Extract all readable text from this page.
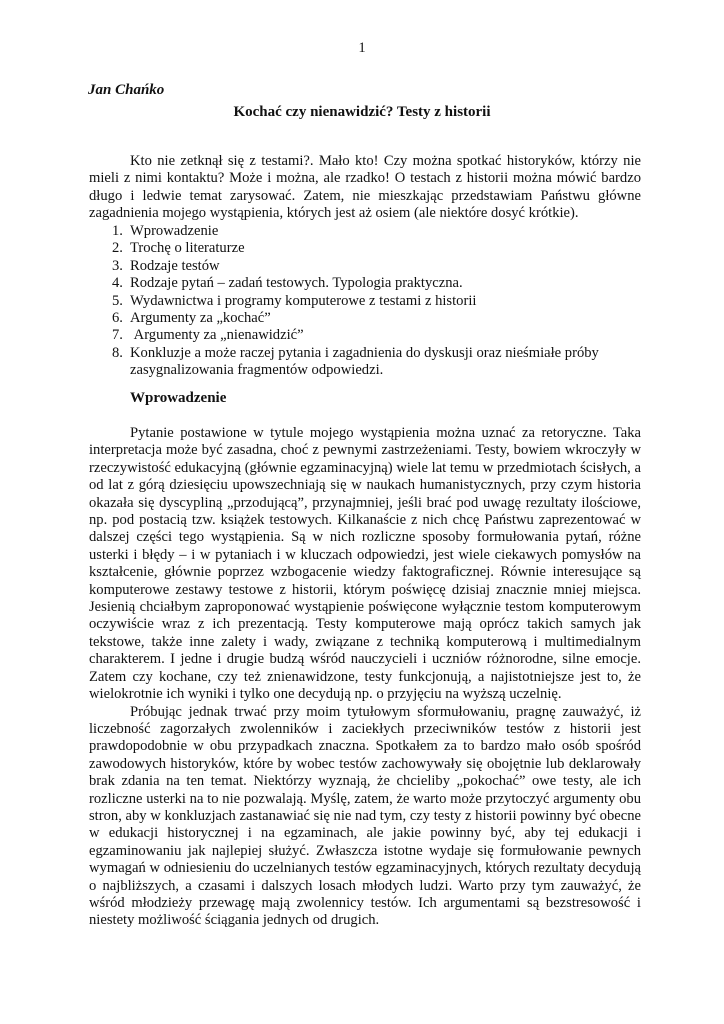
1
Jan Chańko
Kochać czy nienawidzić? Testy z historii

Kto nie zetknął się z testami?. Mało kto! Czy można spotkać historyków, którzy nie mieli z nimi kontaktu? Może i można, ale rzadko! O testach z historii można mówić bardzo długo i ledwie temat zarysować. Zatem, nie mieszkając przedstawiam Państwu główne zagadnienia mojego wystąpienia, których jest aż osiem (ale niektóre dosyć krótkie).

1. Wprowadzenie
2. Trochę o literaturze
3. Rodzaje testów
4. Rodzaje pytań – zadań testowych. Typologia praktyczna.
5. Wydawnictwa i programy komputerowe z testami z historii
6. Argumenty za „kochać”
7. Argumenty za „nienawidzić”
8. Konkluzje a może raczej pytania i zagadnienia do dyskusji oraz nieśmiałe próby zasygnalizowania fragmentów odpowiedzi.
Wprowadzenie

Pytanie postawione w tytule mojego wystąpienia można uznać za retoryczne. Taka interpretacja może być zasadna, choć z pewnymi zastrzeżeniami. Testy, bowiem wkroczyły w rzeczywistość edukacyjną (głównie egzaminacyjną) wiele lat temu w przedmiotach ścisłych, a od lat z górą dziesięciu upowszechniają się w naukach humanistycznych, przy czym historia okazała się dyscypliną „przodującą”, przynajmniej, jeśli brać pod uwagę rezultaty ilościowe, np. pod postacią tzw. książek testowych. Kilkanaście z nich chcę Państwu zaprezentować w dalszej części tego wystąpienia. Są w nich rozliczne sposoby formułowania pytań, różne usterki i błędy – i w pytaniach i w kluczach odpowiedzi, jest wiele ciekawych pomysłów na kształcenie, głównie poprzez wzbogacenie wiedzy faktograficznej. Równie interesujące są komputerowe zestawy testowe z historii, którym poświęcę dzisiaj znacznie mniej miejsca. Jesienią chciałbym zaproponować wystąpienie poświęcone wyłącznie testom komputerowym oczywiście wraz z ich prezentacją. Testy komputerowe mają oprócz takich samych jak tekstowe, także inne zalety i wady, związane z techniką komputerową i multimedialnym charakterem. I jedne i drugie budzą wśród nauczycieli i uczniów różnorodne, silne emocje. Zatem czy kochane, czy też znienawidzone, testy funkcjonują, a najistotniejsze jest to, że wielokrotnie ich wyniki i tylko one decydują np. o przyjęciu na wyższą uczelnię.

Próbując jednak trwać przy moim tytułowym sformułowaniu, pragnę zauważyć, iż liczebność zagorzałych zwolenników i zaciekłych przeciwników testów z historii jest prawdopodobnie w obu przypadkach znaczna. Spotkałem za to bardzo mało osób spośród zawodowych historyków, które by wobec testów zachowywały się obojętnie lub deklarowały brak zdania na ten temat. Niektórzy wyznają, że chcieliby „pokochać” owe testy, ale ich rozliczne usterki na to nie pozwalają. Myślę, zatem, że warto może przytoczyć argumenty obu stron, aby w konkluzjach zastanawiać się nie nad tym, czy testy z historii powinny być obecne w edukacji historycznej i na egzaminach, ale jakie powinny być, aby tej edukacji i egzaminowaniu jak najlepiej służyć. Zwłaszcza istotne wydaje się formułowanie pewnych wymagań w odniesieniu do uczelnianych testów egzaminacyjnych, których rezultaty decydują o najbliższych, a czasami i dalszych losach młodych ludzi. Warto przy tym zauważyć, że wśród młodzieży przewagę mają zwolennicy testów. Ich argumentami są bezstresowość i niestety możliwość ściągania jednych od drugich.
